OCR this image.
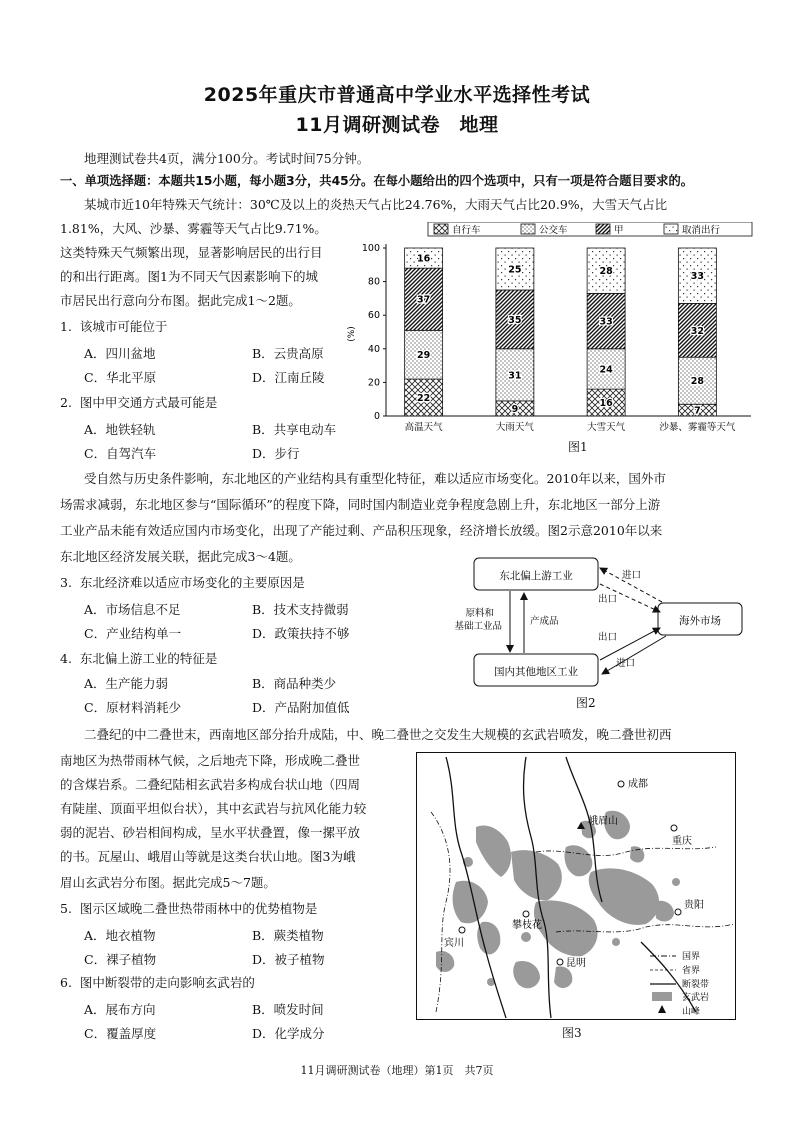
2025年重庆市普通高中学业水平选择性考试
11月调研测试卷　地理
地理测试卷共4页，满分100分。考试时间75分钟。
一、单项选择题：本题共15小题，每小题3分，共45分。在每小题给出的四个选项中，只有一项是符合题目要求的。
某城市近10年特殊天气统计：30℃及以上的炎热天气占比24.76%，大雨天气占比20.9%，大雪天气占比
1.81%，大风、沙暴、雾霾等天气占比9.71%。
这类特殊天气频繁出现，显著影响居民的出行目
的和出行距离。图1为不同天气因素影响下的城
市居民出行意向分布图。据此完成1～2题。
1. 该城市可能位于
A．四川盆地	B．云贵高原
C．华北平原	D．江南丘陵
2. 图中甲交通方式最可能是
A．地铁轻轨	B．共享电动车
C．自驾汽车	D．步行
自行车	公交车	甲	取消出行
0
20
40
60
80
100
(%)
22
29
37
16
高温天气
9
31
35
25
大雨天气
16
24
33
28
大雪天气
7
28
32
33
沙暴、雾霾等天气
图1
受自然与历史条件影响，东北地区的产业结构具有重型化特征，难以适应市场变化。2010年以来，国外市
场需求减弱，东北地区参与“国际循环”的程度下降，同时国内制造业竞争程度急剧上升，东北地区一部分上游
工业产品未能有效适应国内市场变化，出现了产能过剩、产品积压现象，经济增长放缓。图2示意2010年以来
东北地区经济发展关联，据此完成3～4题。
3. 东北经济难以适应市场变化的主要原因是
A．市场信息不足	B．技术支持微弱
C．产业结构单一	D．政策扶持不够
4. 东北偏上游工业的特征是
A．生产能力弱	B．商品种类少
C．原材料消耗少	D．产品附加值低
东北偏上游工业
国内其他地区工业
海外市场
原料和
基础工业品	产成品
进口
出口
出口
进口
图2
二叠纪的中二叠世末，西南地区部分抬升成陆，中、晚二叠世之交发生大规模的玄武岩喷发，晚二叠世初西
南地区为热带雨林气候，之后地壳下降，形成晚二叠世
的含煤岩系。二叠纪陆相玄武岩多构成台状山地（四周
有陡崖、顶面平坦似台状），其中玄武岩与抗风化能力较
弱的泥岩、砂岩相间构成，呈水平状叠置，像一摞平放
的书。瓦屋山、峨眉山等就是这类台状山地。图3为峨
眉山玄武岩分布图。据此完成5～7题。
5. 图示区域晚二叠世热带雨林中的优势植物是
A．地衣植物	B．蕨类植物
C．裸子植物	D．被子植物
6. 图中断裂带的走向影响玄武岩的
A．展布方向	B．喷发时间
C．覆盖厚度	D．化学成分
成都
重庆
贵阳
昆明
攀枝花
宾川
峨眉山
国界
省界
断裂带
玄武岩
山峰
图3
11月调研测试卷（地理）第1页　共7页
